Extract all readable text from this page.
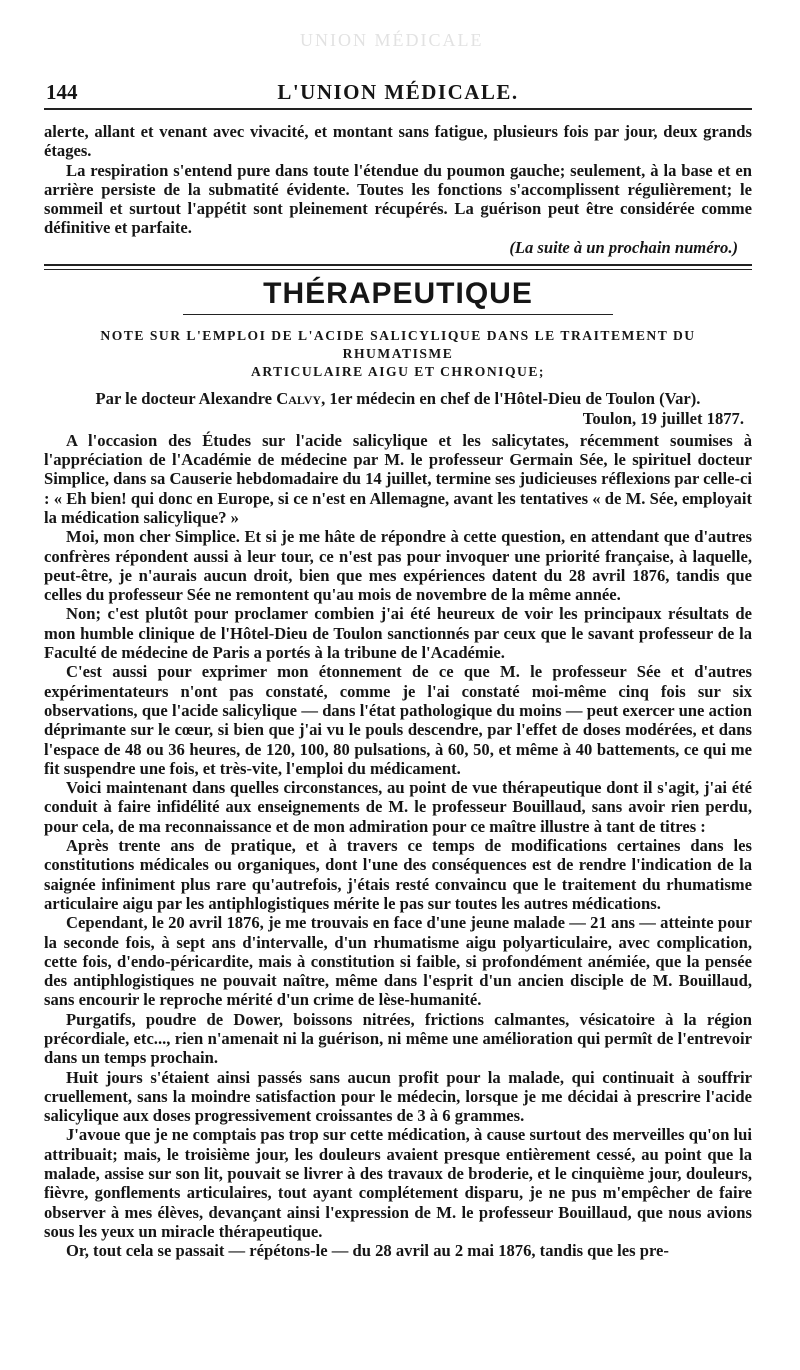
UNION MÉDICALE
144	L'UNION MÉDICALE.

alerte, allant et venant avec vivacité, et montant sans fatigue, plusieurs fois par jour, deux grands étages.

La respiration s'entend pure dans toute l'étendue du poumon gauche; seulement, à la base et en arrière persiste de la submatité évidente. Toutes les fonctions s'accomplissent régulièrement; le sommeil et surtout l'appétit sont pleinement récupérés. La guérison peut être considérée comme définitive et parfaite.

(La suite à un prochain numéro.)

THÉRAPEUTIQUE
NOTE SUR L'EMPLOI DE L'ACIDE SALICYLIQUE DANS LE TRAITEMENT DU RHUMATISME
ARTICULAIRE AIGU ET CHRONIQUE;

Par le docteur Alexandre Calvy, 1er médecin en chef de l'Hôtel-Dieu de Toulon (Var).

Toulon, 19 juillet 1877.

A l'occasion des Études sur l'acide salicylique et les salicytates, récemment soumises à l'appréciation de l'Académie de médecine par M. le professeur Germain Sée, le spirituel docteur Simplice, dans sa Causerie hebdomadaire du 14 juillet, termine ses judicieuses réflexions par celle-ci : « Eh bien! qui donc en Europe, si ce n'est en Allemagne, avant les tentatives « de M. Sée, employait la médication salicylique? »

Moi, mon cher Simplice. Et si je me hâte de répondre à cette question, en attendant que d'autres confrères répondent aussi à leur tour, ce n'est pas pour invoquer une priorité française, à laquelle, peut-être, je n'aurais aucun droit, bien que mes expériences datent du 28 avril 1876, tandis que celles du professeur Sée ne remontent qu'au mois de novembre de la même année.

Non; c'est plutôt pour proclamer combien j'ai été heureux de voir les principaux résultats de mon humble clinique de l'Hôtel-Dieu de Toulon sanctionnés par ceux que le savant professeur de la Faculté de médecine de Paris a portés à la tribune de l'Académie.

C'est aussi pour exprimer mon étonnement de ce que M. le professeur Sée et d'autres expérimentateurs n'ont pas constaté, comme je l'ai constaté moi-même cinq fois sur six observations, que l'acide salicylique — dans l'état pathologique du moins — peut exercer une action déprimante sur le cœur, si bien que j'ai vu le pouls descendre, par l'effet de doses modérées, et dans l'espace de 48 ou 36 heures, de 120, 100, 80 pulsations, à 60, 50, et même à 40 battements, ce qui me fit suspendre une fois, et très-vite, l'emploi du médicament.

Voici maintenant dans quelles circonstances, au point de vue thérapeutique dont il s'agit, j'ai été conduit à faire infidélité aux enseignements de M. le professeur Bouillaud, sans avoir rien perdu, pour cela, de ma reconnaissance et de mon admiration pour ce maître illustre à tant de titres :

Après trente ans de pratique, et à travers ce temps de modifications certaines dans les constitutions médicales ou organiques, dont l'une des conséquences est de rendre l'indication de la saignée infiniment plus rare qu'autrefois, j'étais resté convaincu que le traitement du rhumatisme articulaire aigu par les antiphlogistiques mérite le pas sur toutes les autres médications.

Cependant, le 20 avril 1876, je me trouvais en face d'une jeune malade — 21 ans — atteinte pour la seconde fois, à sept ans d'intervalle, d'un rhumatisme aigu polyarticulaire, avec complication, cette fois, d'endo-péricardite, mais à constitution si faible, si profondément anémiée, que la pensée des antiphlogistiques ne pouvait naître, même dans l'esprit d'un ancien disciple de M. Bouillaud, sans encourir le reproche mérité d'un crime de lèse-humanité.

Purgatifs, poudre de Dower, boissons nitrées, frictions calmantes, vésicatoire à la région précordiale, etc..., rien n'amenait ni la guérison, ni même une amélioration qui permît de l'entrevoir dans un temps prochain.

Huit jours s'étaient ainsi passés sans aucun profit pour la malade, qui continuait à souffrir cruellement, sans la moindre satisfaction pour le médecin, lorsque je me décidai à prescrire l'acide salicylique aux doses progressivement croissantes de 3 à 6 grammes.

J'avoue que je ne comptais pas trop sur cette médication, à cause surtout des merveilles qu'on lui attribuait; mais, le troisième jour, les douleurs avaient presque entièrement cessé, au point que la malade, assise sur son lit, pouvait se livrer à des travaux de broderie, et le cinquième jour, douleurs, fièvre, gonflements articulaires, tout ayant complétement disparu, je ne pus m'empêcher de faire observer à mes élèves, devançant ainsi l'expression de M. le professeur Bouillaud, que nous avions sous les yeux un miracle thérapeutique.

Or, tout cela se passait — répétons-le — du 28 avril au 2 mai 1876, tandis que les pre-
